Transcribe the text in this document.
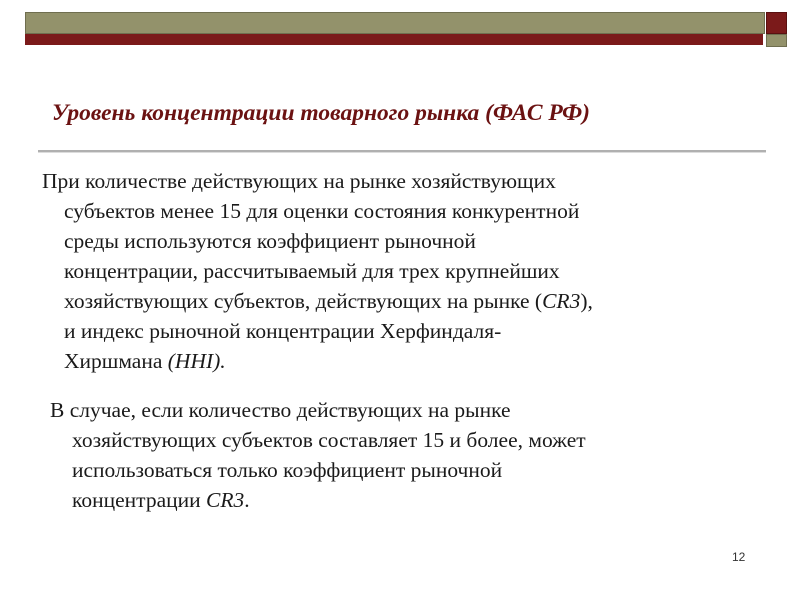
Уровень концентрации товарного рынка (ФАС РФ)

При количестве действующих на рынке хозяйствующих
субъектов менее 15 для оценки состояния конкурентной
среды используются коэффициент рыночной
концентрации, рассчитываемый для трех крупнейших
хозяйствующих субъектов, действующих на рынке (CR3),
и индекс рыночной концентрации Херфиндаля-
Хиршмана (HHI).

В случае, если количество действующих на рынке
хозяйствующих субъектов составляет 15 и более, может
использоваться только коэффициент рыночной
концентрации CR3.

12
